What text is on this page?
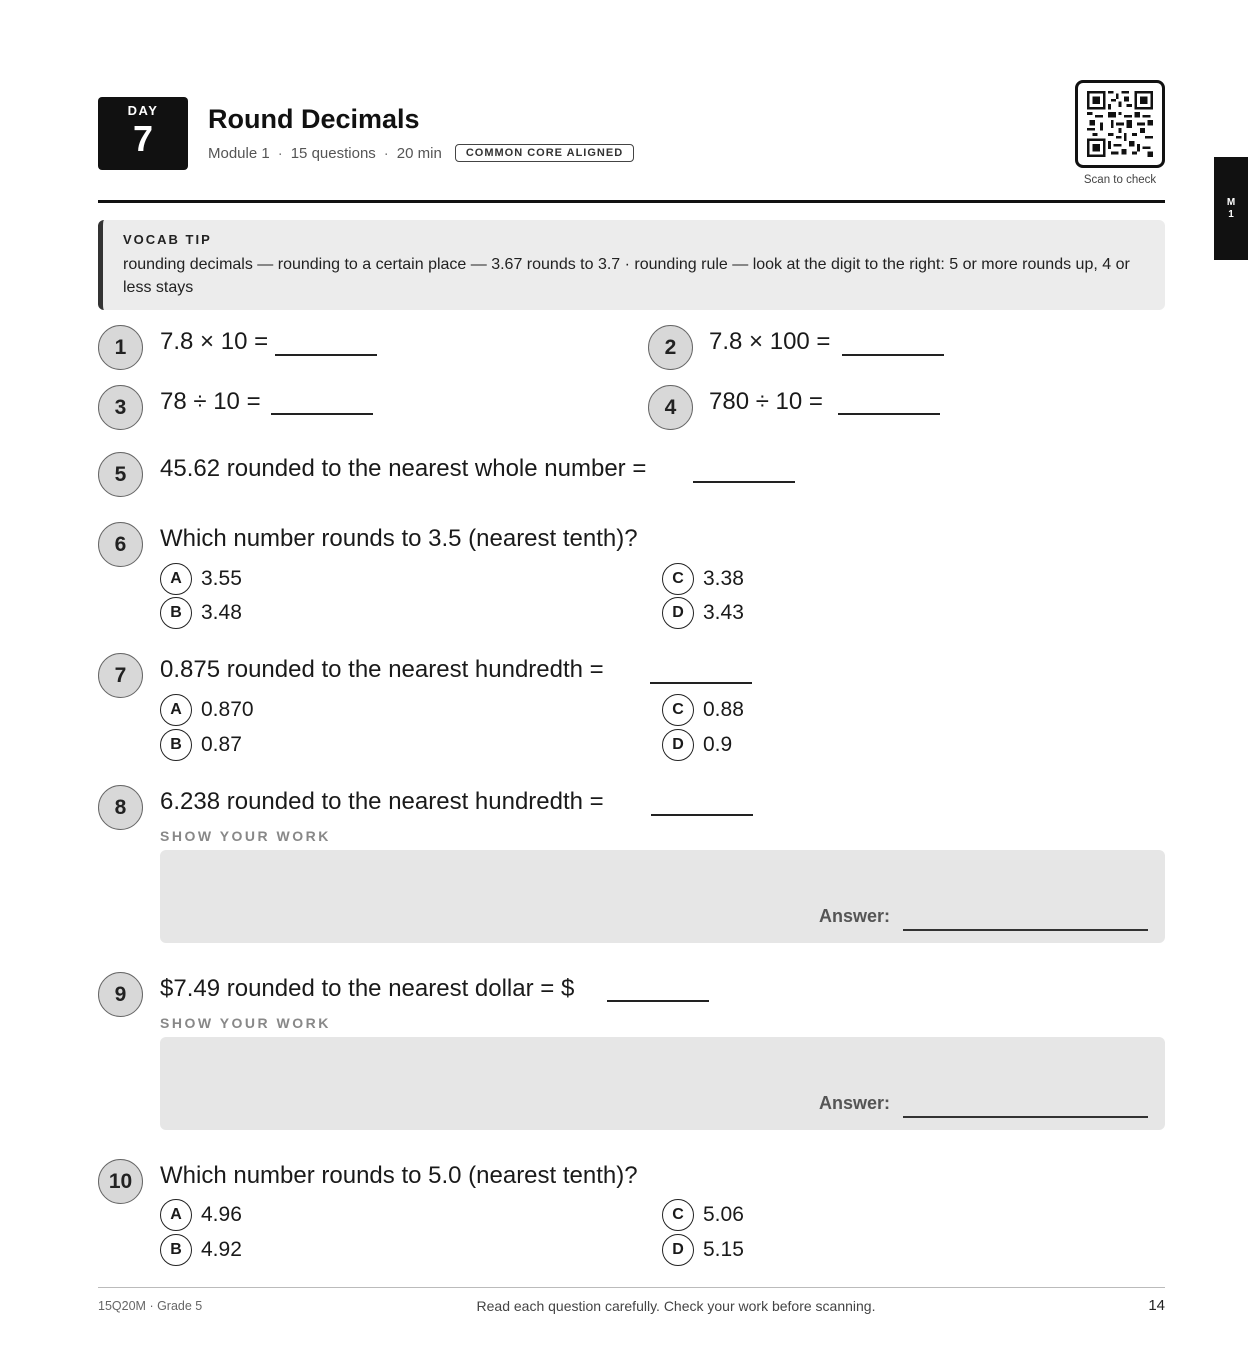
DAY
7	Round Decimals
Module 1 · 15 questions · 20 min	COMMON CORE ALIGNED
Scan to check
M
1
VOCAB TIP
rounding decimals — rounding to a certain place — 3.67 rounds to 3.7 · rounding rule — look at the digit to the right: 5 or more rounds up, 4 or less stays
1	7.8 × 10 =	2	7.8 × 100 =
3	78 ÷ 10 =	4	780 ÷ 10 =
5	45.62 rounded to the nearest whole number =
6	Which number rounds to 3.5 (nearest tenth)?
A 3.55
B 3.48
C 3.38
D 3.43
7	0.875 rounded to the nearest hundredth =
A 0.870
B 0.87
C 0.88
D 0.9
8	6.238 rounded to the nearest hundredth =
SHOW YOUR WORK
Answer:
9	$7.49 rounded to the nearest dollar = $
SHOW YOUR WORK
Answer:
10	Which number rounds to 5.0 (nearest tenth)?
A 4.96
B 4.92
C 5.06
D 5.15
15Q20M · Grade 5	Read each question carefully. Check your work before scanning.	14
